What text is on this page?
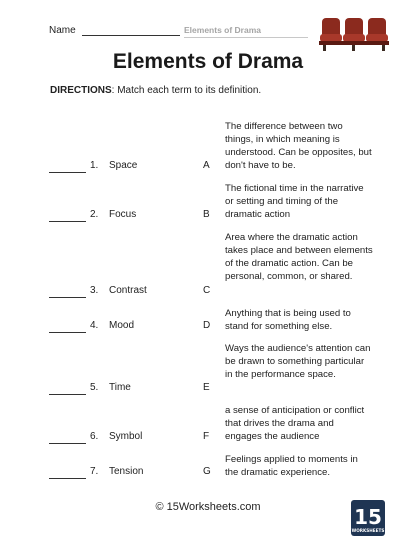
Name	Elements of Drama
Elements of Drama
DIRECTIONS: Match each term to its definition.
1. Space
2. Focus
3. Contrast
4. Mood
5. Time
6. Symbol
7. Tension
A
The difference between two things, in which meaning is understood. Can be opposites, but don't have to be.
B
The fictional time in the narrative or setting and timing of the dramatic action
C
Area where the dramatic action takes place and between elements of the dramatic action. Can be personal, common, or shared.
D
Anything that is being used to stand for something else.
E
Ways the audience's attention can be drawn to something particular in the performance space.
F
a sense of anticipation or conflict that drives the drama and engages the audience
G
Feelings applied to moments in the dramatic experience.
© 15Worksheets.com	15
WORKSHEETS
